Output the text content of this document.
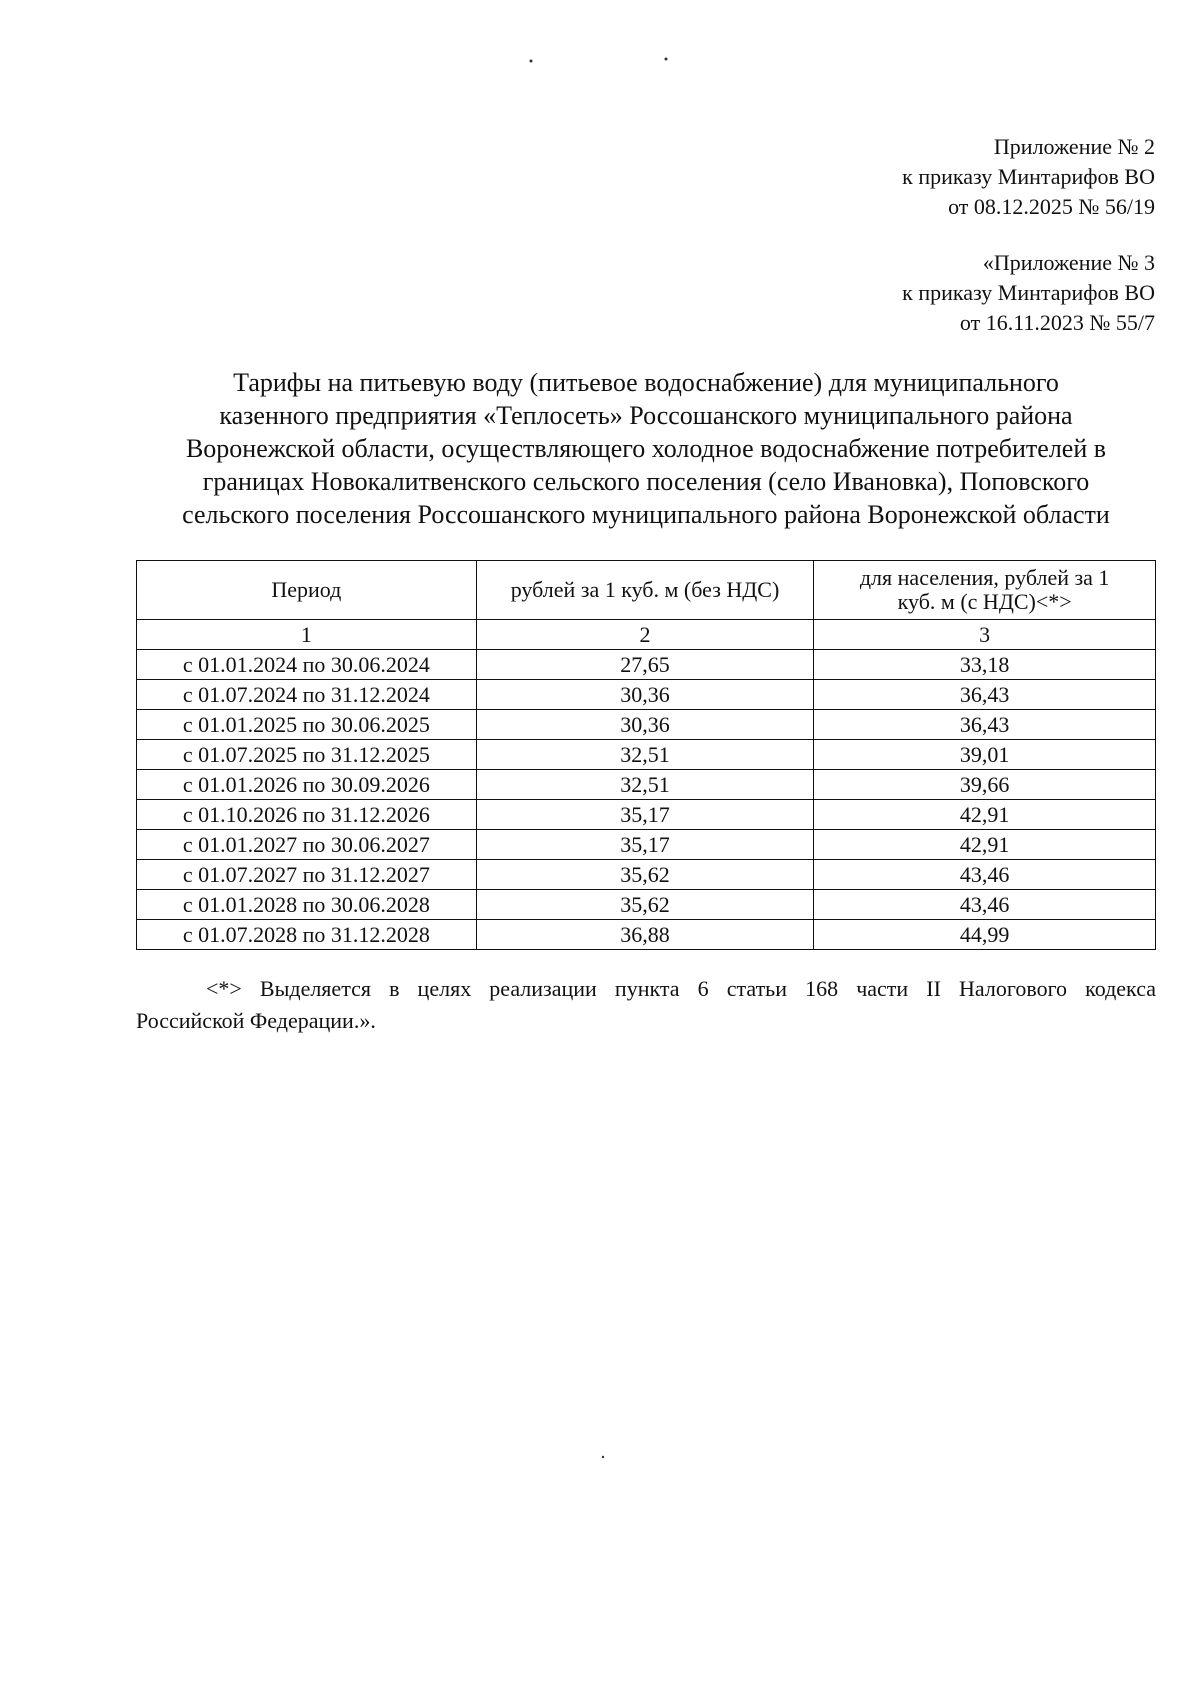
Приложение № 2
к приказу Минтарифов ВО
от 08.12.2025 № 56/19
«Приложение № 3
к приказу Минтарифов ВО
от 16.11.2023 № 55/7
Тарифы на питьевую воду (питьевое водоснабжение) для муниципального
казенного предприятия «Теплосеть» Россошанского муниципального района
Воронежской области, осуществляющего холодное водоснабжение потребителей в
границах Новокалитвенского сельского поселения (село Ивановка), Поповского
сельского поселения Россошанского муниципального района Воронежской области
Период	рублей за 1 куб. м (без НДС)	для населения, рублей за 1
куб. м (с НДС)<*>

1	2	3
с 01.01.2024 по 30.06.2024	27,65	33,18
с 01.07.2024 по 31.12.2024	30,36	36,43
с 01.01.2025 по 30.06.2025	30,36	36,43
с 01.07.2025 по 31.12.2025	32,51	39,01
с 01.01.2026 по 30.09.2026	32,51	39,66
с 01.10.2026 по 31.12.2026	35,17	42,91
с 01.01.2027 по 30.06.2027	35,17	42,91
с 01.07.2027 по 31.12.2027	35,62	43,46
с 01.01.2028 по 30.06.2028	35,62	43,46
с 01.07.2028 по 31.12.2028	36,88	44,99
<*> Выделяется в целях реализации пункта 6 статьи 168 части II Налогового кодекса
Российской Федерации.».
